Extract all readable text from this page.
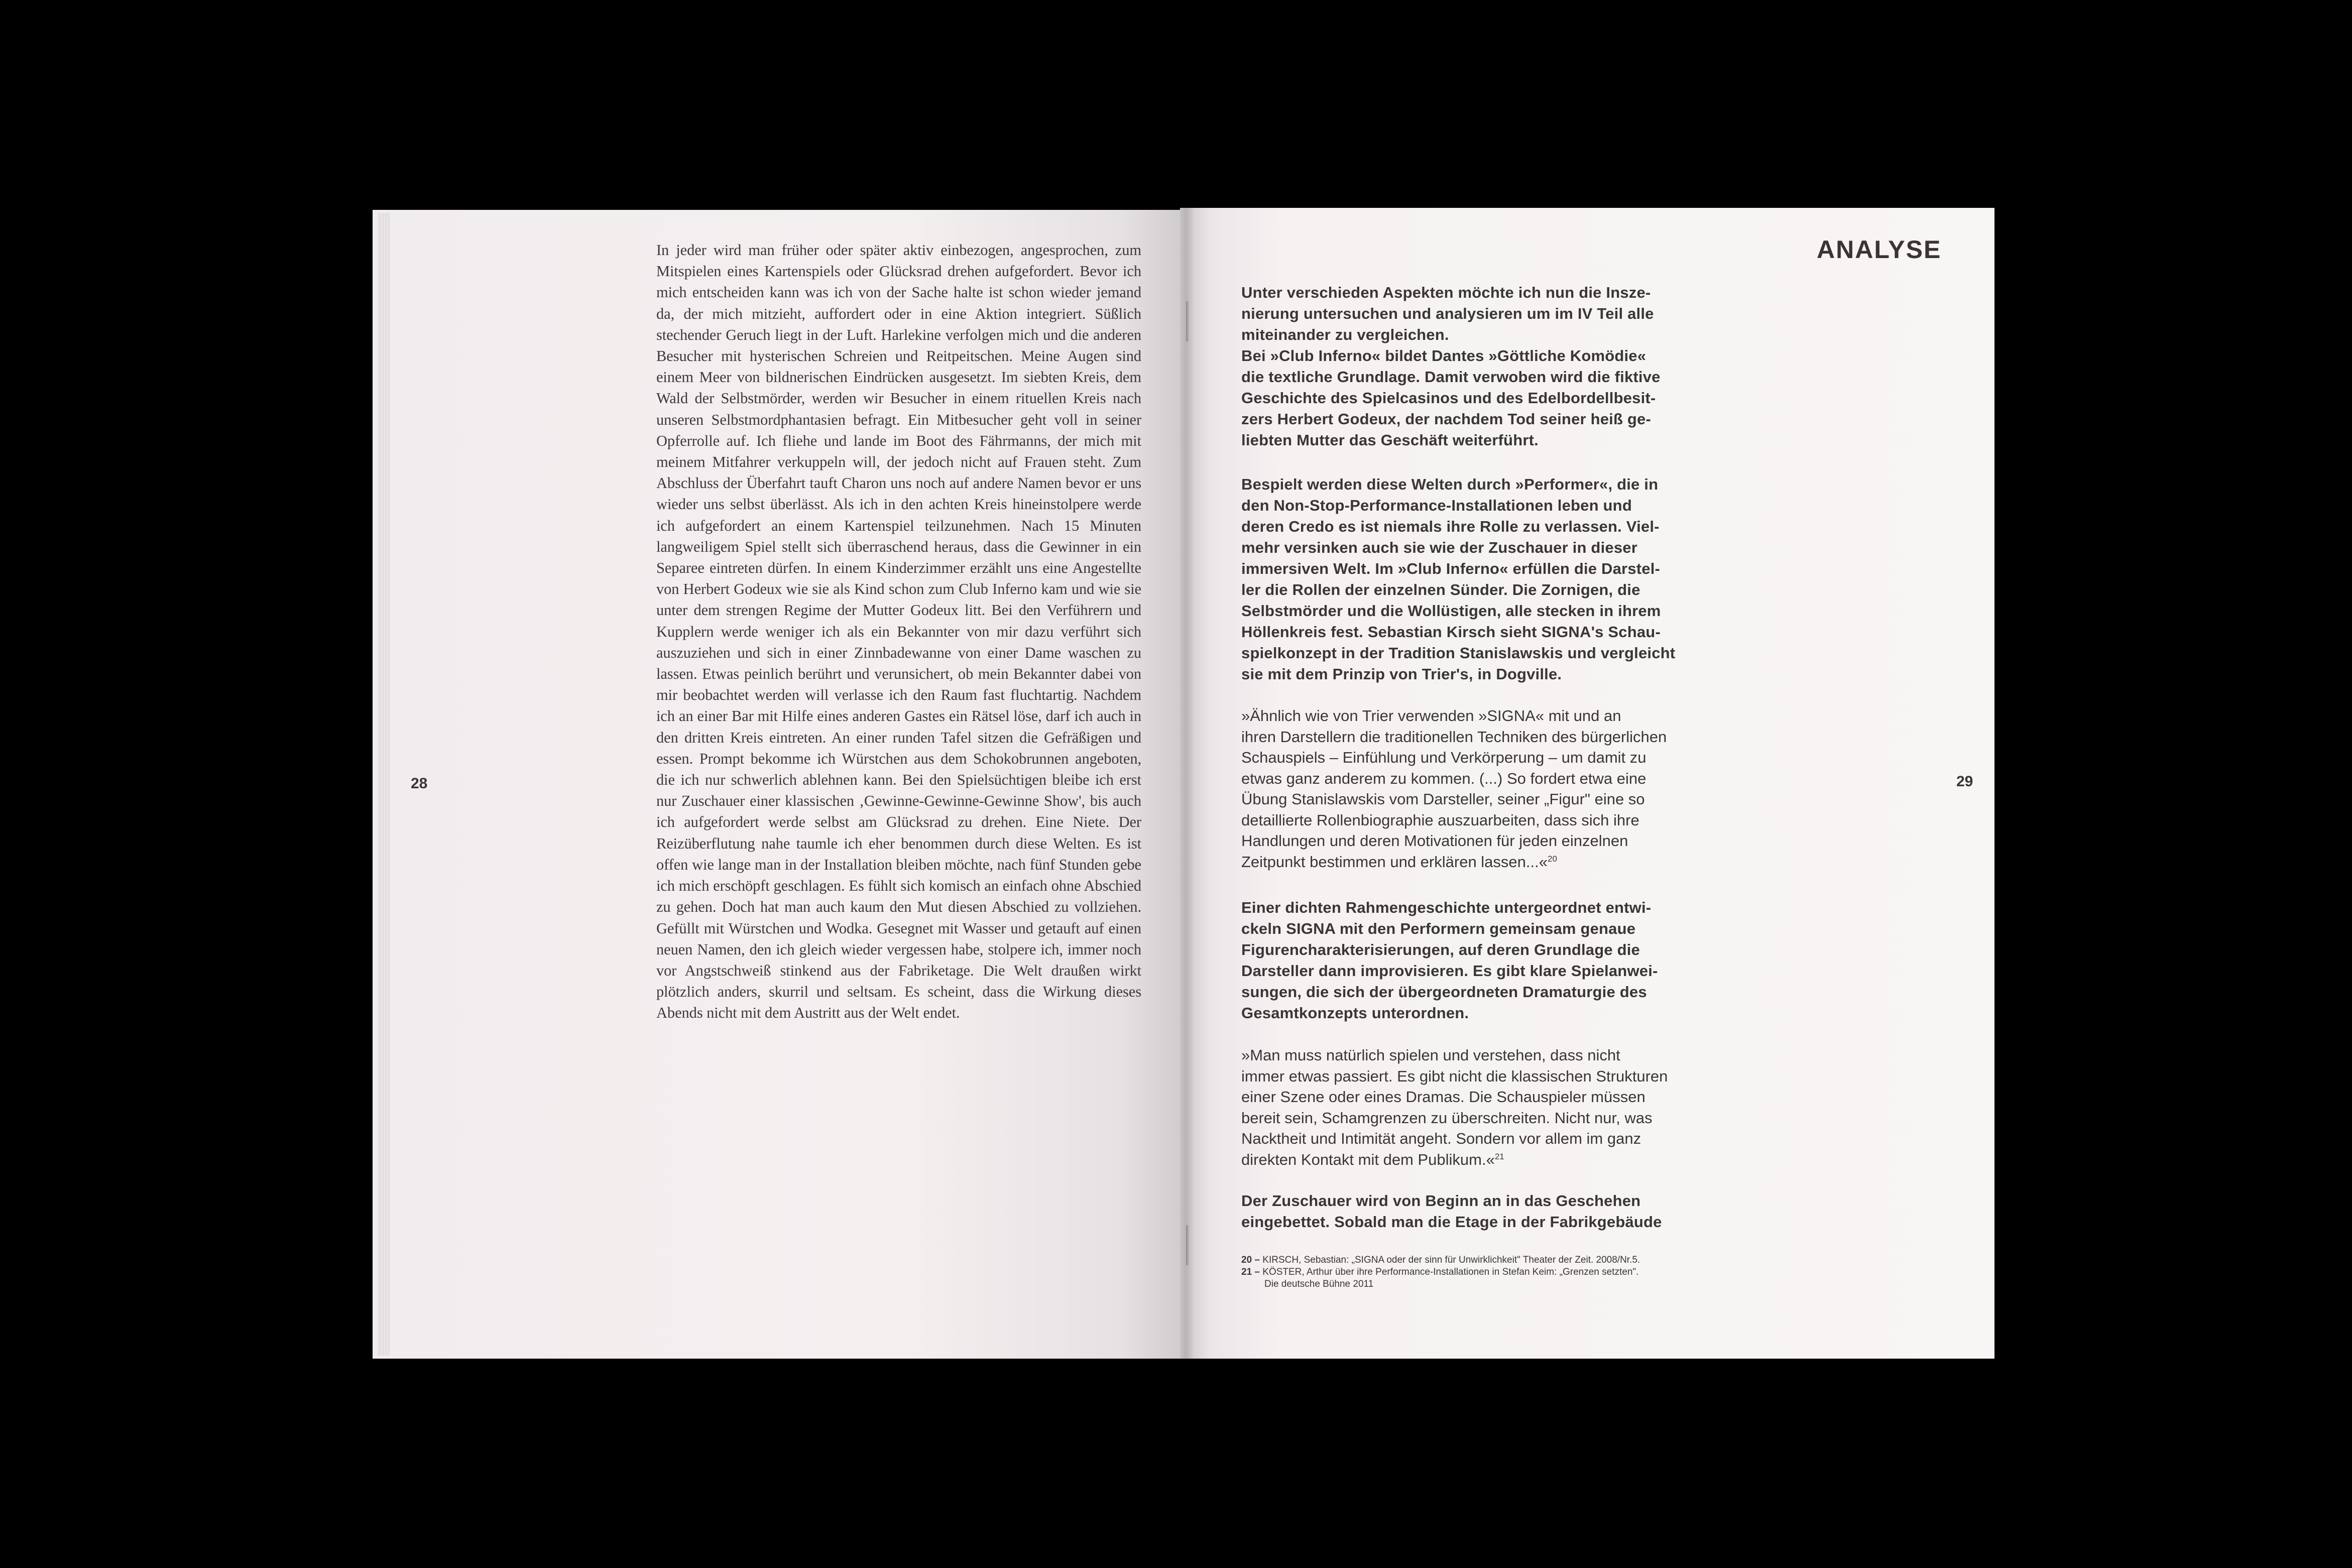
28
In jeder wird man früher oder später aktiv einbezogen, angesprochen, zum Mitspielen eines Kartenspiels oder Glücksrad drehen aufgefordert. Bevor ich mich entscheiden kann was ich von der Sache halte ist schon wieder jemand da, der mich mitzieht, auffordert oder in eine Aktion integriert. Süßlich stechender Geruch liegt in der Luft. Harlekine verfolgen mich und die anderen Besucher mit hysterischen Schreien und Reitpeitschen. Meine Augen sind einem Meer von bildnerischen Eindrücken ausgesetzt. Im siebten Kreis, dem Wald der Selbstmörder, werden wir Besucher in einem rituellen Kreis nach unseren Selbstmordphantasien befragt. Ein Mitbesucher geht voll in seiner Opferrolle auf. Ich fliehe und lande im Boot des Fährmanns, der mich mit meinem Mitfahrer verkuppeln will, der jedoch nicht auf Frauen steht. Zum Abschluss der Überfahrt tauft Charon uns noch auf andere Namen bevor er uns wieder uns selbst überlässt. Als ich in den achten Kreis hineinstolpere werde ich aufgefordert an einem Kartenspiel teilzunehmen. Nach 15 Minuten langweiligem Spiel stellt sich überraschend heraus, dass die Gewinner in ein Separee eintreten dürfen. In einem Kinderzimmer erzählt uns eine Angestellte von Herbert Godeux wie sie als Kind schon zum Club Inferno kam und wie sie unter dem strengen Regime der Mutter Godeux litt. Bei den Verführern und Kupplern werde weniger ich als ein Bekannter von mir dazu verführt sich auszuziehen und sich in einer Zinnbadewanne von einer Dame waschen zu lassen. Etwas peinlich berührt und verunsichert, ob mein Bekannter dabei von mir beobachtet werden will verlasse ich den Raum fast fluchtartig. Nachdem ich an einer Bar mit Hilfe eines anderen Gastes ein Rätsel löse, darf ich auch in den dritten Kreis eintreten. An einer runden Tafel sitzen die Gefräßigen und essen. Prompt bekomme ich Würstchen aus dem Schokobrunnen angeboten, die ich nur schwerlich ablehnen kann. Bei den Spielsüchtigen bleibe ich erst nur Zuschauer einer klassischen ‚Gewinne-Gewinne-Gewinne Show', bis auch ich aufgefordert werde selbst am Glücksrad zu drehen. Eine Niete. Der Reizüberflutung nahe taumle ich eher benommen durch diese Welten. Es ist offen wie lange man in der Installation bleiben möchte, nach fünf Stunden gebe ich mich erschöpft geschlagen. Es fühlt sich komisch an einfach ohne Abschied zu gehen. Doch hat man auch kaum den Mut diesen Abschied zu vollziehen. Gefüllt mit Würstchen und Wodka. Gesegnet mit Wasser und getauft auf einen neuen Namen, den ich gleich wieder vergessen habe, stolpere ich, immer noch vor Angstschweiß stinkend aus der Fabriketage. Die Welt draußen wirkt plötzlich anders, skurril und seltsam. Es scheint, dass die Wirkung dieses Abends nicht mit dem Austritt aus der Welt endet.
ANALYSE
29
Unter verschieden Aspekten möchte ich nun die Insze-
nierung untersuchen und analysieren um im IV Teil alle
miteinander zu vergleichen.
Bei »Club Inferno« bildet Dantes »Göttliche Komödie«
die textliche Grundlage. Damit verwoben wird die fiktive
Geschichte des Spielcasinos und des Edelbordellbesit-
zers Herbert Godeux, der nachdem Tod seiner heiß ge-
liebten Mutter das Geschäft weiterführt.
Bespielt werden diese Welten durch »Performer«, die in
den Non-Stop-Performance-Installationen leben und
deren Credo es ist niemals ihre Rolle zu verlassen. Viel-
mehr versinken auch sie wie der Zuschauer in dieser
immersiven Welt. Im »Club Inferno« erfüllen die Darstel-
ler die Rollen der einzelnen Sünder. Die Zornigen, die
Selbstmörder und die Wollüstigen, alle stecken in ihrem
Höllenkreis fest. Sebastian Kirsch sieht SIGNA's Schau-
spielkonzept in der Tradition Stanislawskis und vergleicht
sie mit dem Prinzip von Trier's, in Dogville.
»Ähnlich wie von Trier verwenden »SIGNA« mit und an
ihren Darstellern die traditionellen Techniken des bürgerlichen
Schauspiels – Einfühlung und Verkörperung – um damit zu
etwas ganz anderem zu kommen. (...) So fordert etwa eine
Übung Stanislawskis vom Darsteller, seiner „Figur" eine so
detaillierte Rollenbiographie auszuarbeiten, dass sich ihre
Handlungen und deren Motivationen für jeden einzelnen
Zeitpunkt bestimmen und erklären lassen...«$^{20}$
Einer dichten Rahmengeschichte untergeordnet entwi-
ckeln SIGNA mit den Performern gemeinsam genaue
Figurencharakterisierungen, auf deren Grundlage die
Darsteller dann improvisieren. Es gibt klare Spielanwei-
sungen, die sich der übergeordneten Dramaturgie des
Gesamtkonzepts unterordnen.
»Man muss natürlich spielen und verstehen, dass nicht
immer etwas passiert. Es gibt nicht die klassischen Strukturen
einer Szene oder eines Dramas. Die Schauspieler müssen
bereit sein, Schamgrenzen zu überschreiten. Nicht nur, was
Nacktheit und Intimität angeht. Sondern vor allem im ganz
direkten Kontakt mit dem Publikum.«$^{21}$
Der Zuschauer wird von Beginn an in das Geschehen
eingebettet. Sobald man die Etage in der Fabrikgebäude
20 – KIRSCH, Sebastian: „SIGNA oder der sinn für Unwirklichkeit" Theater der Zeit. 2008/Nr.5.
21 – KÖSTER, Arthur über ihre Performance-Installationen in Stefan Keim: „Grenzen setzten".
Die deutsche Bühne 2011
